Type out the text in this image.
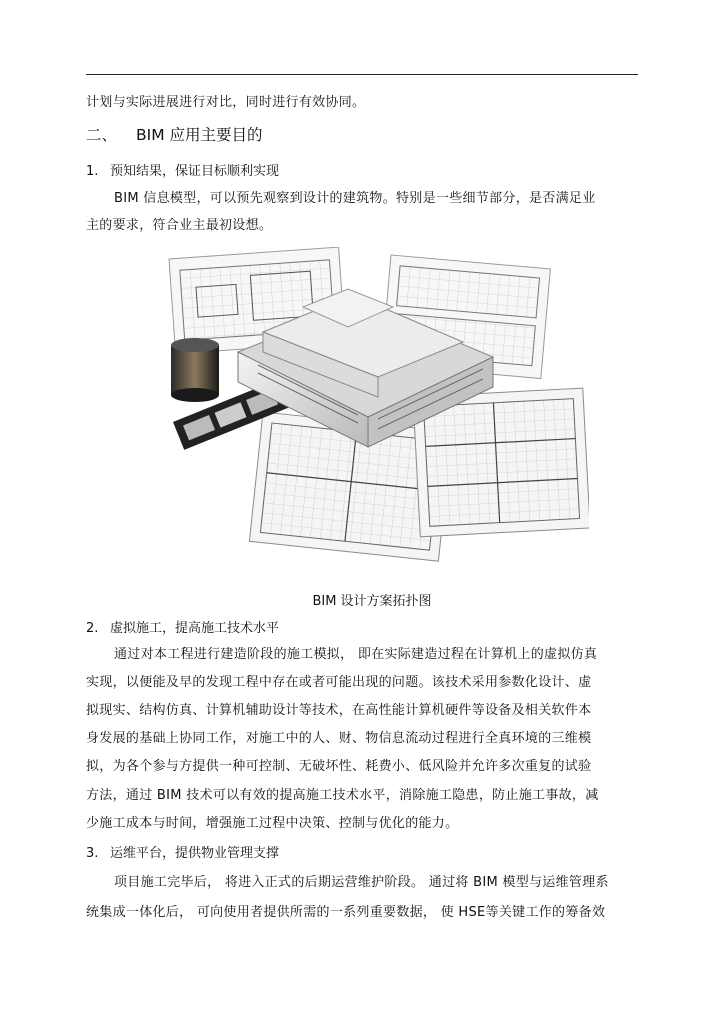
计划与实际进展进行对比，同时进行有效协同。
二、 BIM 应用主要目的
1. 预知结果，保证目标顺利实现
BIM 信息模型，可以预先观察到设计的建筑物。特别是一些细节部分，是否满足业
主的要求，符合业主最初设想。
BIM 设计方案拓扑图
2. 虚拟施工，提高施工技术水平
通过对本工程进行建造阶段的施工模拟， 即在实际建造过程在计算机上的虚拟仿真
实现，以便能及早的发现工程中存在或者可能出现的问题。该技术采用参数化设计、虚
拟现实、结构仿真、计算机辅助设计等技术，在高性能计算机硬件等设备及相关软件本
身发展的基础上协同工作，对施工中的人、财、物信息流动过程进行全真环境的三维模
拟，为各个参与方提供一种可控制、无破坏性、耗费小、低风险并允许多次重复的试验
方法，通过 BIM 技术可以有效的提高施工技术水平，消除施工隐患，防止施工事故，减
少施工成本与时间，增强施工过程中决策、控制与优化的能力。
3. 运维平台，提供物业管理支撑
项目施工完毕后， 将进入正式的后期运营维护阶段。 通过将 BIM 模型与运维管理系
统集成一体化后， 可向使用者提供所需的一系列重要数据， 使 HSE等关键工作的筹备效
